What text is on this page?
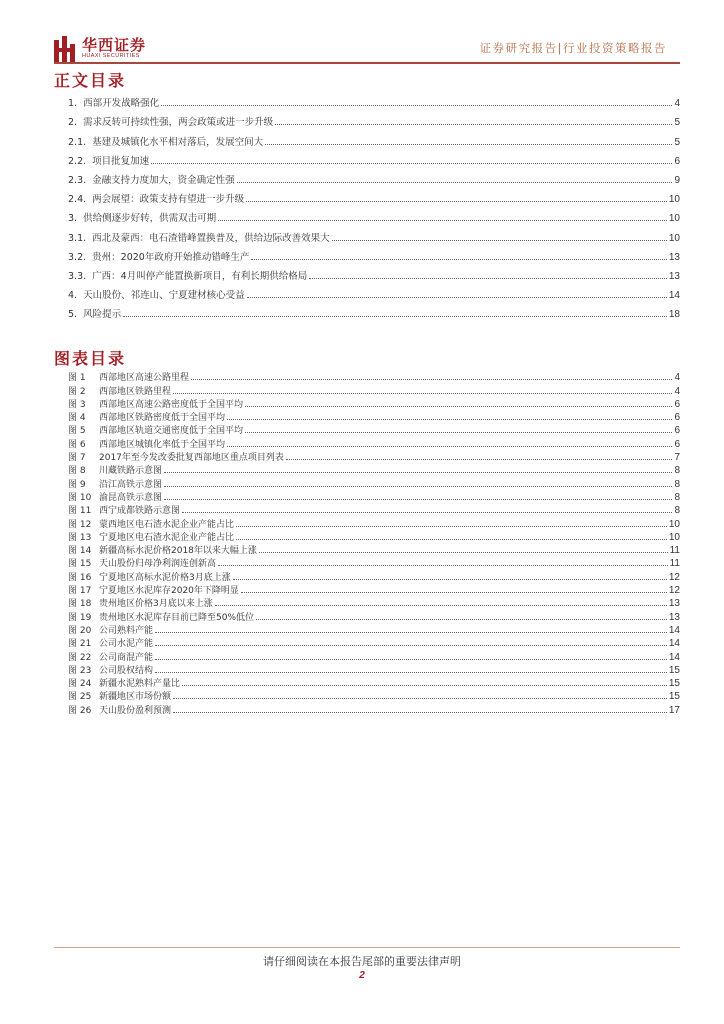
华西证券
HUAXI SECURITIES
证券研究报告|行业投资策略报告
正文目录
1. 西部开发战略强化	4
2. 需求反转可持续性强，两会政策或进一步升级	5
2.1. 基建及城镇化水平相对落后，发展空间大	5
2.2. 项目批复加速	6
2.3. 金融支持力度加大，资金确定性强	9
2.4. 两会展望：政策支持有望进一步升级	10
3. 供给侧逐步好转，供需双击可期	10
3.1. 西北及蒙西：电石渣错峰置换普及，供给边际改善效果大	10
3.2. 贵州：2020年政府开始推动错峰生产	13
3.3. 广西：4月叫停产能置换新项目，有利长期供给格局	13
4. 天山股份、祁连山、宁夏建材核心受益	14
5. 风险提示	18
图表目录
图 1	西部地区高速公路里程	4
图 2	西部地区铁路里程	4
图 3	西部地区高速公路密度低于全国平均	6
图 4	西部地区铁路密度低于全国平均	6
图 5	西部地区轨道交通密度低于全国平均	6
图 6	西部地区城镇化率低于全国平均	6
图 7	2017年至今发改委批复西部地区重点项目列表	7
图 8	川藏铁路示意图	8
图 9	沿江高铁示意图	8
图 10 渝昆高铁示意图	8
图 11 西宁成都铁路示意图	8
图 12 蒙西地区电石渣水泥企业产能占比	10
图 13 宁夏地区电石渣水泥企业产能占比	10
图 14 新疆高标水泥价格2018年以来大幅上涨	11
图 15 天山股份归母净利润连创新高	11
图 16 宁夏地区高标水泥价格3月底上涨	12
图 17 宁夏地区水泥库存2020年下降明显	12
图 18 贵州地区价格3月底以来上涨	13
图 19 贵州地区水泥库存目前已降至50%低位	13
图 20 公司熟料产能	14
图 21 公司水泥产能	14
图 22 公司商混产能	14
图 23 公司股权结构	15
图 24 新疆水泥熟料产量比	15
图 25 新疆地区市场份额	15
图 26 天山股份盈利预测	17
请仔细阅读在本报告尾部的重要法律声明
2
